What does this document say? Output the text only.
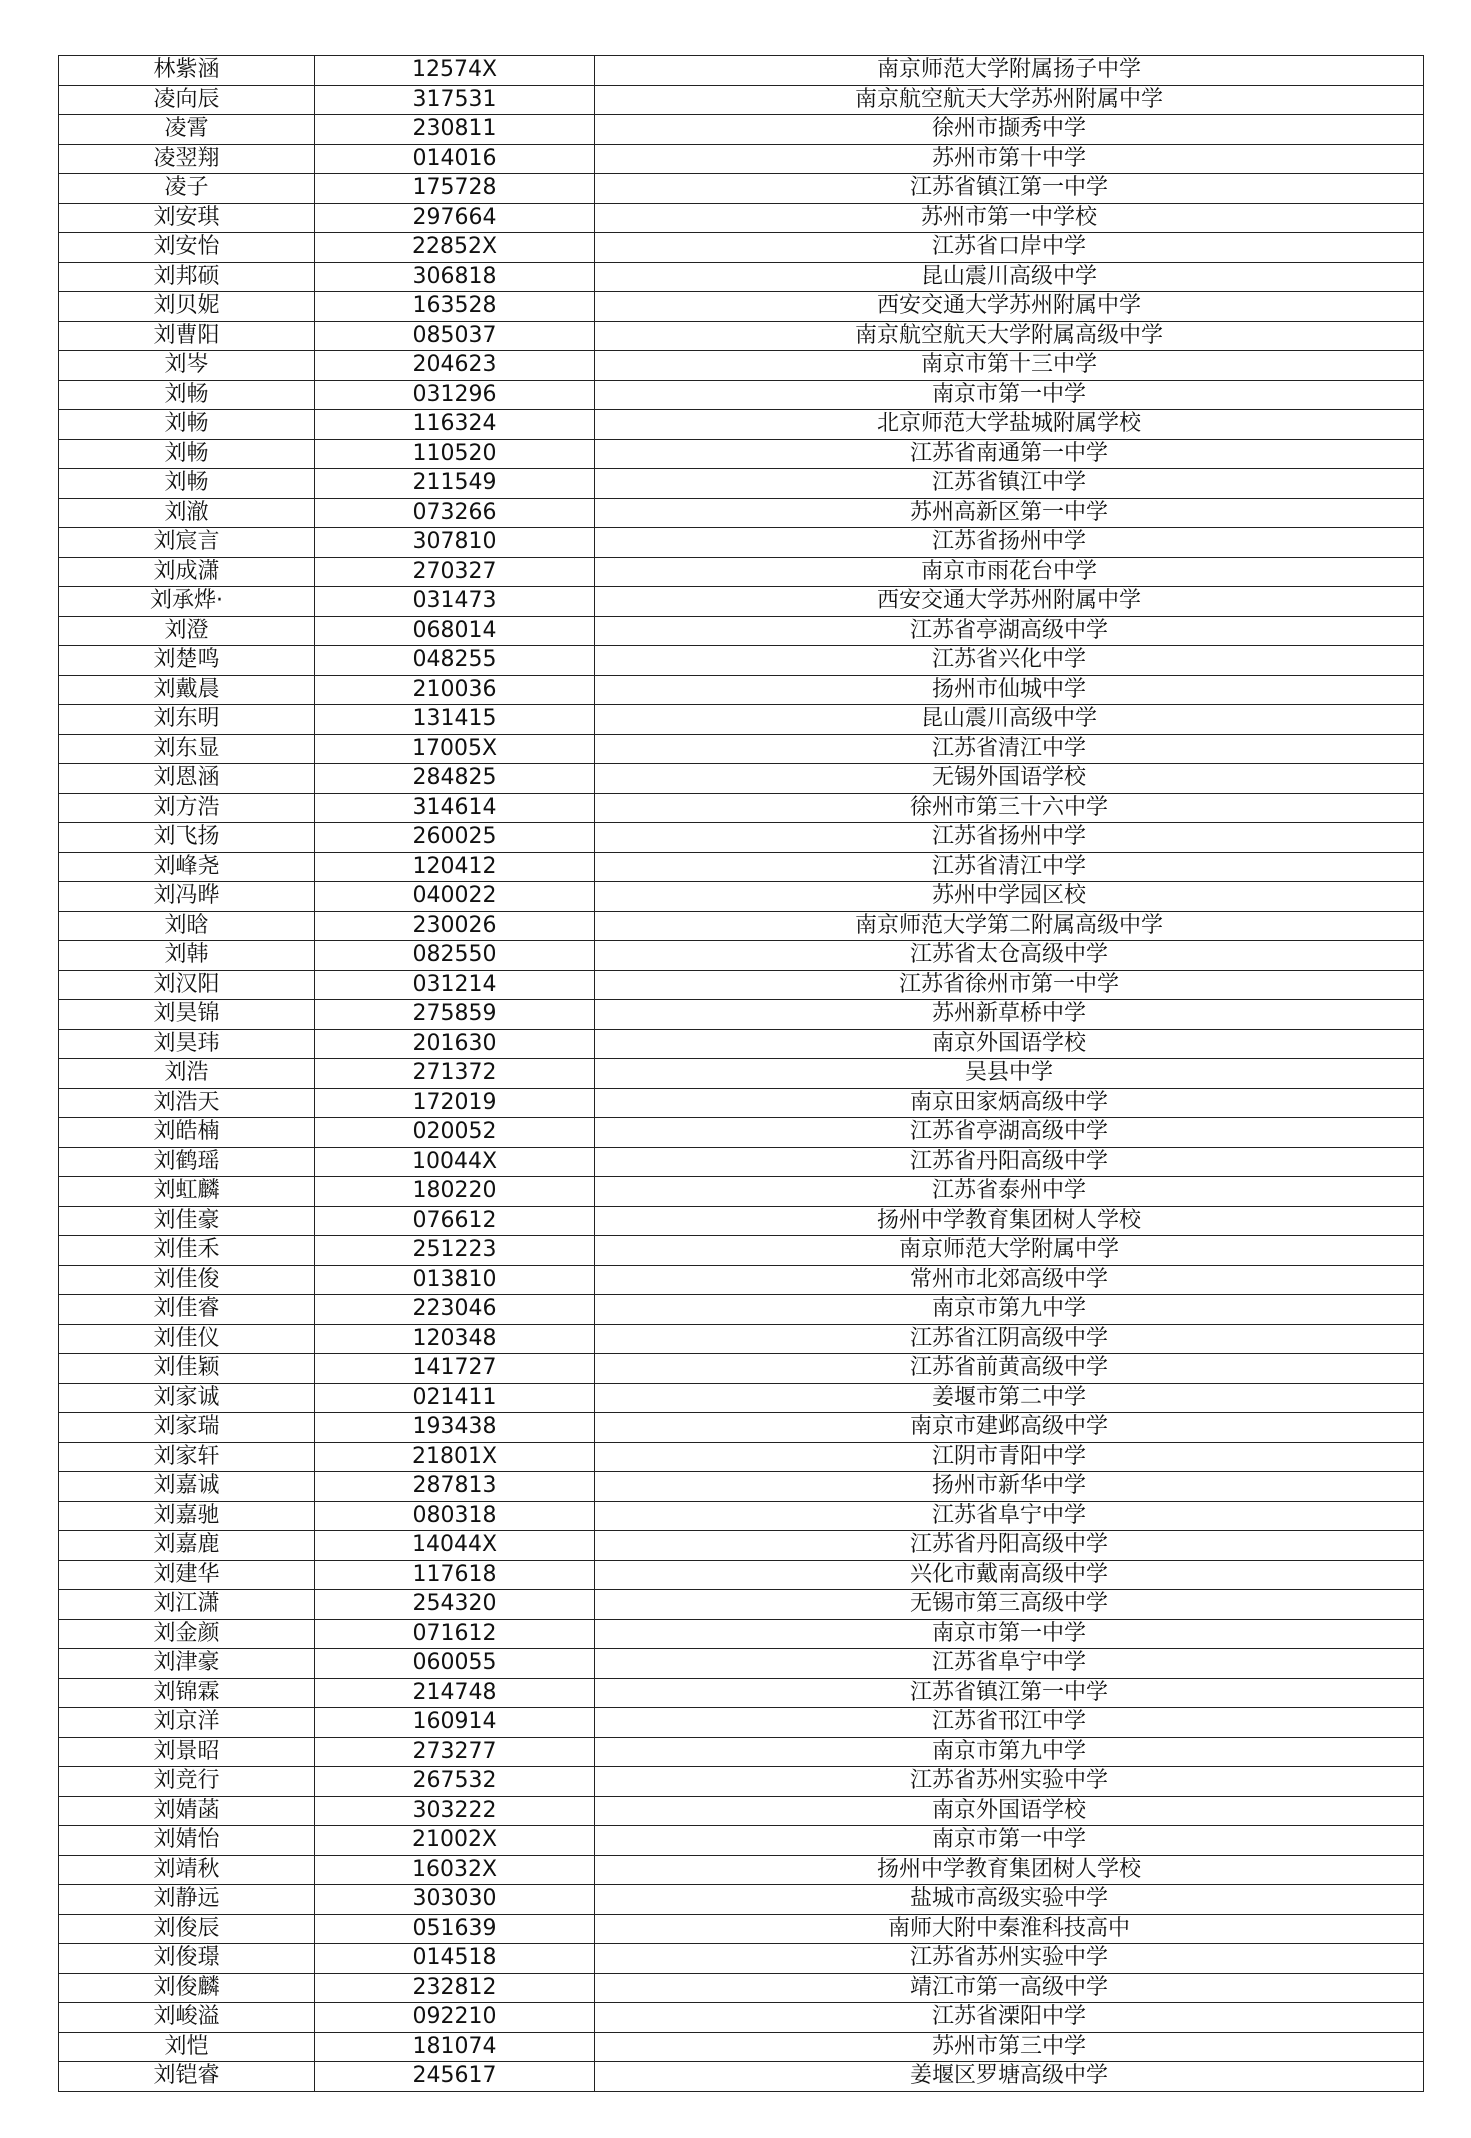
林紫涵	12574X	南京师范大学附属扬子中学
凌向辰	317531	南京航空航天大学苏州附属中学
凌霄	230811	徐州市撷秀中学
凌翌翔	014016	苏州市第十中学
凌子	175728	江苏省镇江第一中学
刘安琪	297664	苏州市第一中学校
刘安怡	22852X	江苏省口岸中学
刘邦硕	306818	昆山震川高级中学
刘贝妮	163528	西安交通大学苏州附属中学
刘曹阳	085037	南京航空航天大学附属高级中学
刘岑	204623	南京市第十三中学
刘畅	031296	南京市第一中学
刘畅	116324	北京师范大学盐城附属学校
刘畅	110520	江苏省南通第一中学
刘畅	211549	江苏省镇江中学
刘澈	073266	苏州高新区第一中学
刘宸言	307810	江苏省扬州中学
刘成潇	270327	南京市雨花台中学
刘承烨·	031473	西安交通大学苏州附属中学
刘澄	068014	江苏省亭湖高级中学
刘楚鸣	048255	江苏省兴化中学
刘戴晨	210036	扬州市仙城中学
刘东明	131415	昆山震川高级中学
刘东显	17005X	江苏省清江中学
刘恩涵	284825	无锡外国语学校
刘方浩	314614	徐州市第三十六中学
刘飞扬	260025	江苏省扬州中学
刘峰尧	120412	江苏省清江中学
刘冯晔	040022	苏州中学园区校
刘晗	230026	南京师范大学第二附属高级中学
刘韩	082550	江苏省太仓高级中学
刘汉阳	031214	江苏省徐州市第一中学
刘昊锦	275859	苏州新草桥中学
刘昊玮	201630	南京外国语学校
刘浩	271372	吴县中学
刘浩天	172019	南京田家炳高级中学
刘皓楠	020052	江苏省亭湖高级中学
刘鹤瑶	10044X	江苏省丹阳高级中学
刘虹麟	180220	江苏省泰州中学
刘佳豪	076612	扬州中学教育集团树人学校
刘佳禾	251223	南京师范大学附属中学
刘佳俊	013810	常州市北郊高级中学
刘佳睿	223046	南京市第九中学
刘佳仪	120348	江苏省江阴高级中学
刘佳颖	141727	江苏省前黄高级中学
刘家诚	021411	姜堰市第二中学
刘家瑞	193438	南京市建邺高级中学
刘家轩	21801X	江阴市青阳中学
刘嘉诚	287813	扬州市新华中学
刘嘉驰	080318	江苏省阜宁中学
刘嘉鹿	14044X	江苏省丹阳高级中学
刘建华	117618	兴化市戴南高级中学
刘江潇	254320	无锡市第三高级中学
刘金颜	071612	南京市第一中学
刘津豪	060055	江苏省阜宁中学
刘锦霖	214748	江苏省镇江第一中学
刘京洋	160914	江苏省邗江中学
刘景昭	273277	南京市第九中学
刘竞行	267532	江苏省苏州实验中学
刘婧菡	303222	南京外国语学校
刘婧怡	21002X	南京市第一中学
刘靖秋	16032X	扬州中学教育集团树人学校
刘静远	303030	盐城市高级实验中学
刘俊辰	051639	南师大附中秦淮科技高中
刘俊璟	014518	江苏省苏州实验中学
刘俊麟	232812	靖江市第一高级中学
刘峻溢	092210	江苏省溧阳中学
刘恺	181074	苏州市第三中学
刘铠睿	245617	姜堰区罗塘高级中学
